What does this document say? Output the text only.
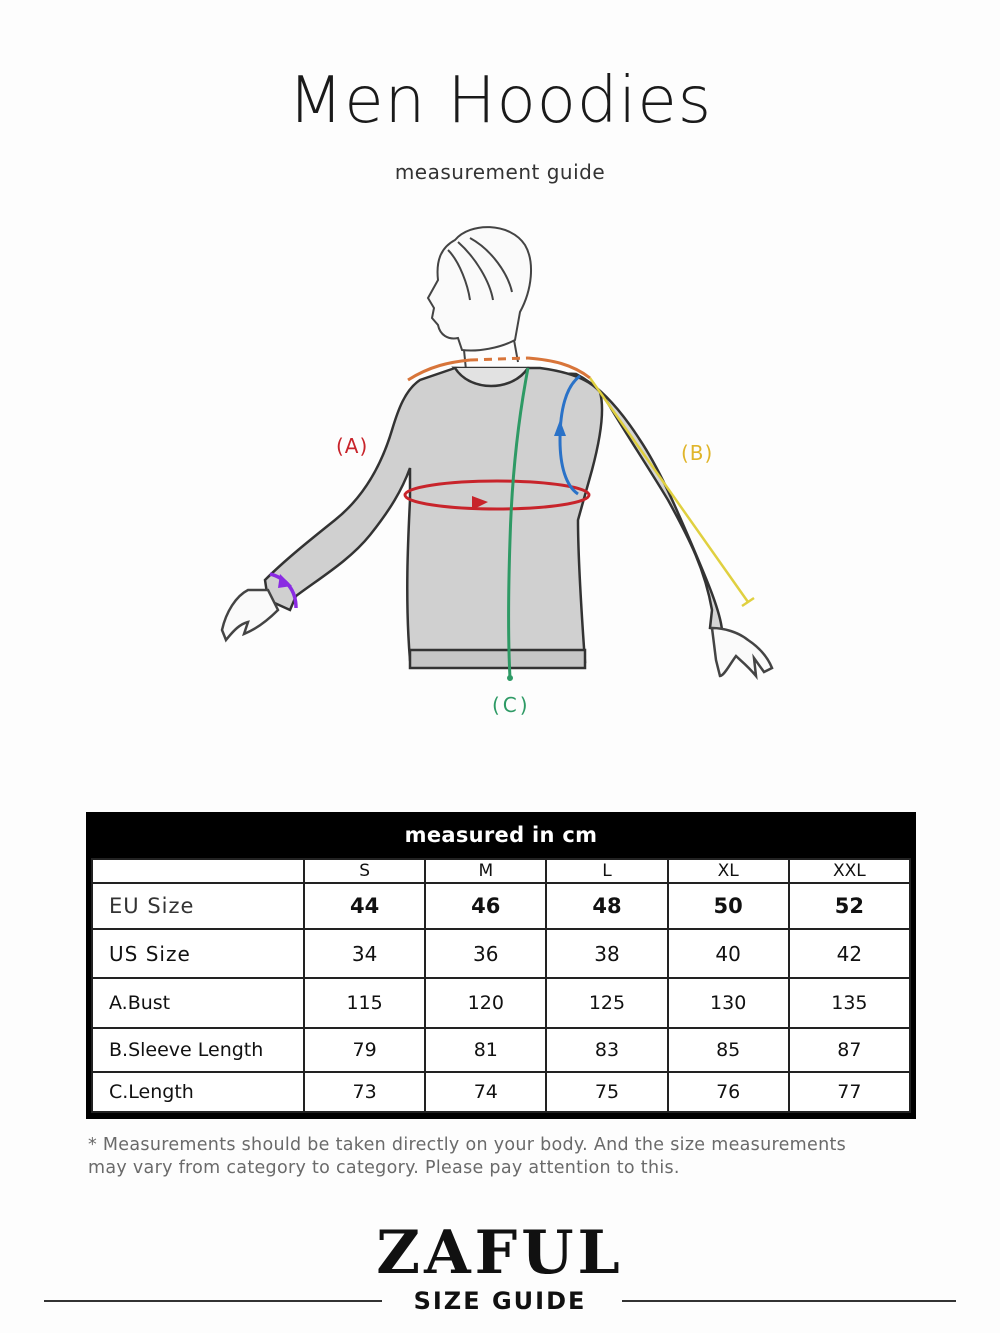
Men Hoodies
measurement guide
(A)	(B)
(C)
measured in cm
	S	M	L	XL	XXL
EU Size	44	46	48	50	52
US Size	34	36	38	40	42
A.Bust	115	120	125	130	135
B.Sleeve Length	79	81	83	85	87
C.Length	73	74	75	76	77
* Measurements should be taken directly on your body. And the size measurements
may vary from category to category. Please pay attention to this.
ZAFUL
SIZE GUIDE
